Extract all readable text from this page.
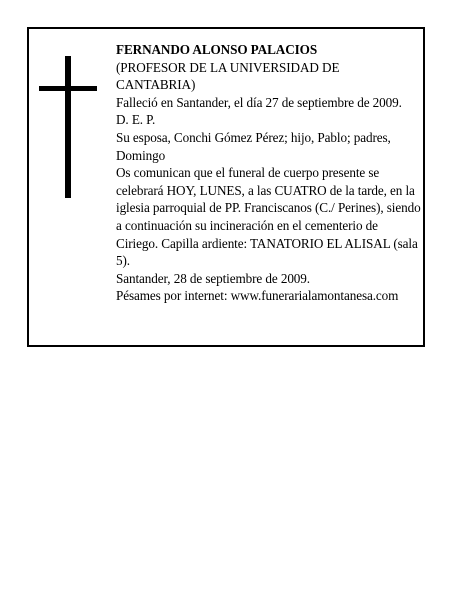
FERNANDO ALONSO PALACIOS

(PROFESOR DE LA UNIVERSIDAD DE CANTABRIA)

Falleció en Santander, el día 27 de septiembre de 2009.

D. E. P.

Su esposa, Conchi Gómez Pérez; hijo, Pablo; padres, Domingo

Os comunican que el funeral de cuerpo presente se celebrará HOY, LUNES, a las CUATRO de la tarde, en la iglesia parroquial de PP. Franciscanos (C./ Perines), siendo a continuación su incineración en el cementerio de Ciriego. Capilla ardiente: TANATORIO EL ALISAL (sala 5).

Santander, 28 de septiembre de 2009.

Pésames por internet: www.funerarialamontanesa.com
